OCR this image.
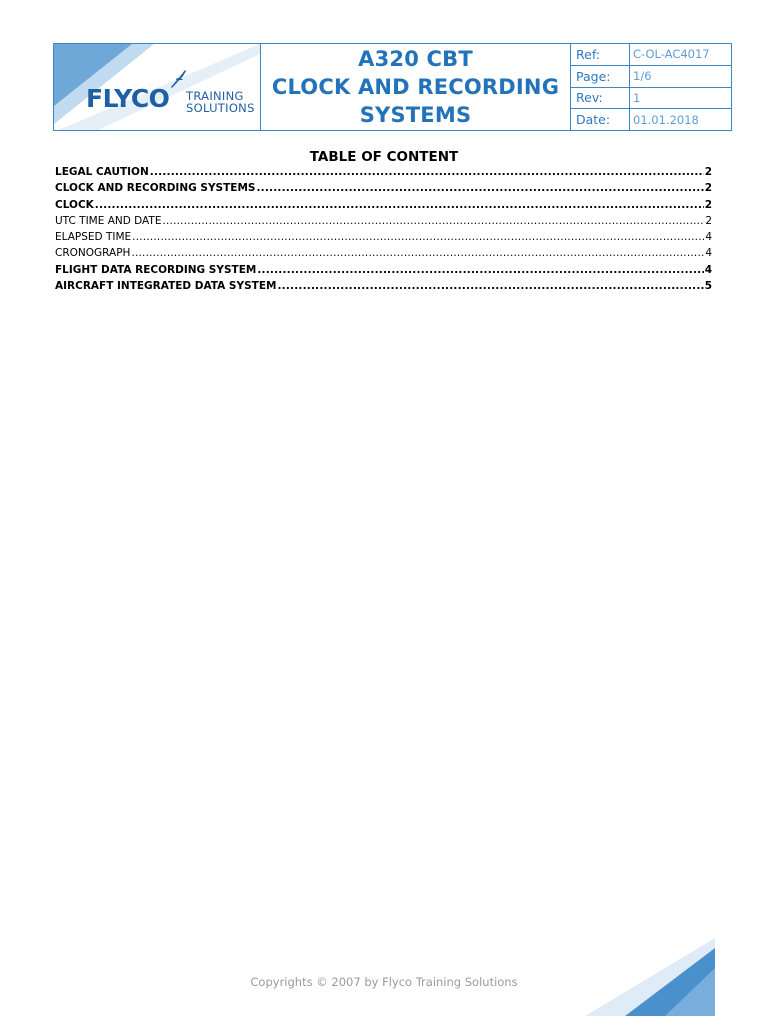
FLYCO TRAINING
SOLUTIONS
A320 CBT
CLOCK AND RECORDING
SYSTEMS
Ref:	C-OL-AC4017
Page:	1/6
Rev:	1
Date:	01.01.2018
TABLE OF CONTENT
LEGAL CAUTION .....	2
CLOCK AND RECORDING SYSTEMS .....	2
CLOCK .....	2
UTC TIME AND DATE .....	2
ELAPSED TIME .....	4
CRONOGRAPH .....	4
FLIGHT DATA RECORDING SYSTEM .....	4
AIRCRAFT INTEGRATED DATA SYSTEM .....	5
Copyrights © 2007 by Flyco Training Solutions
